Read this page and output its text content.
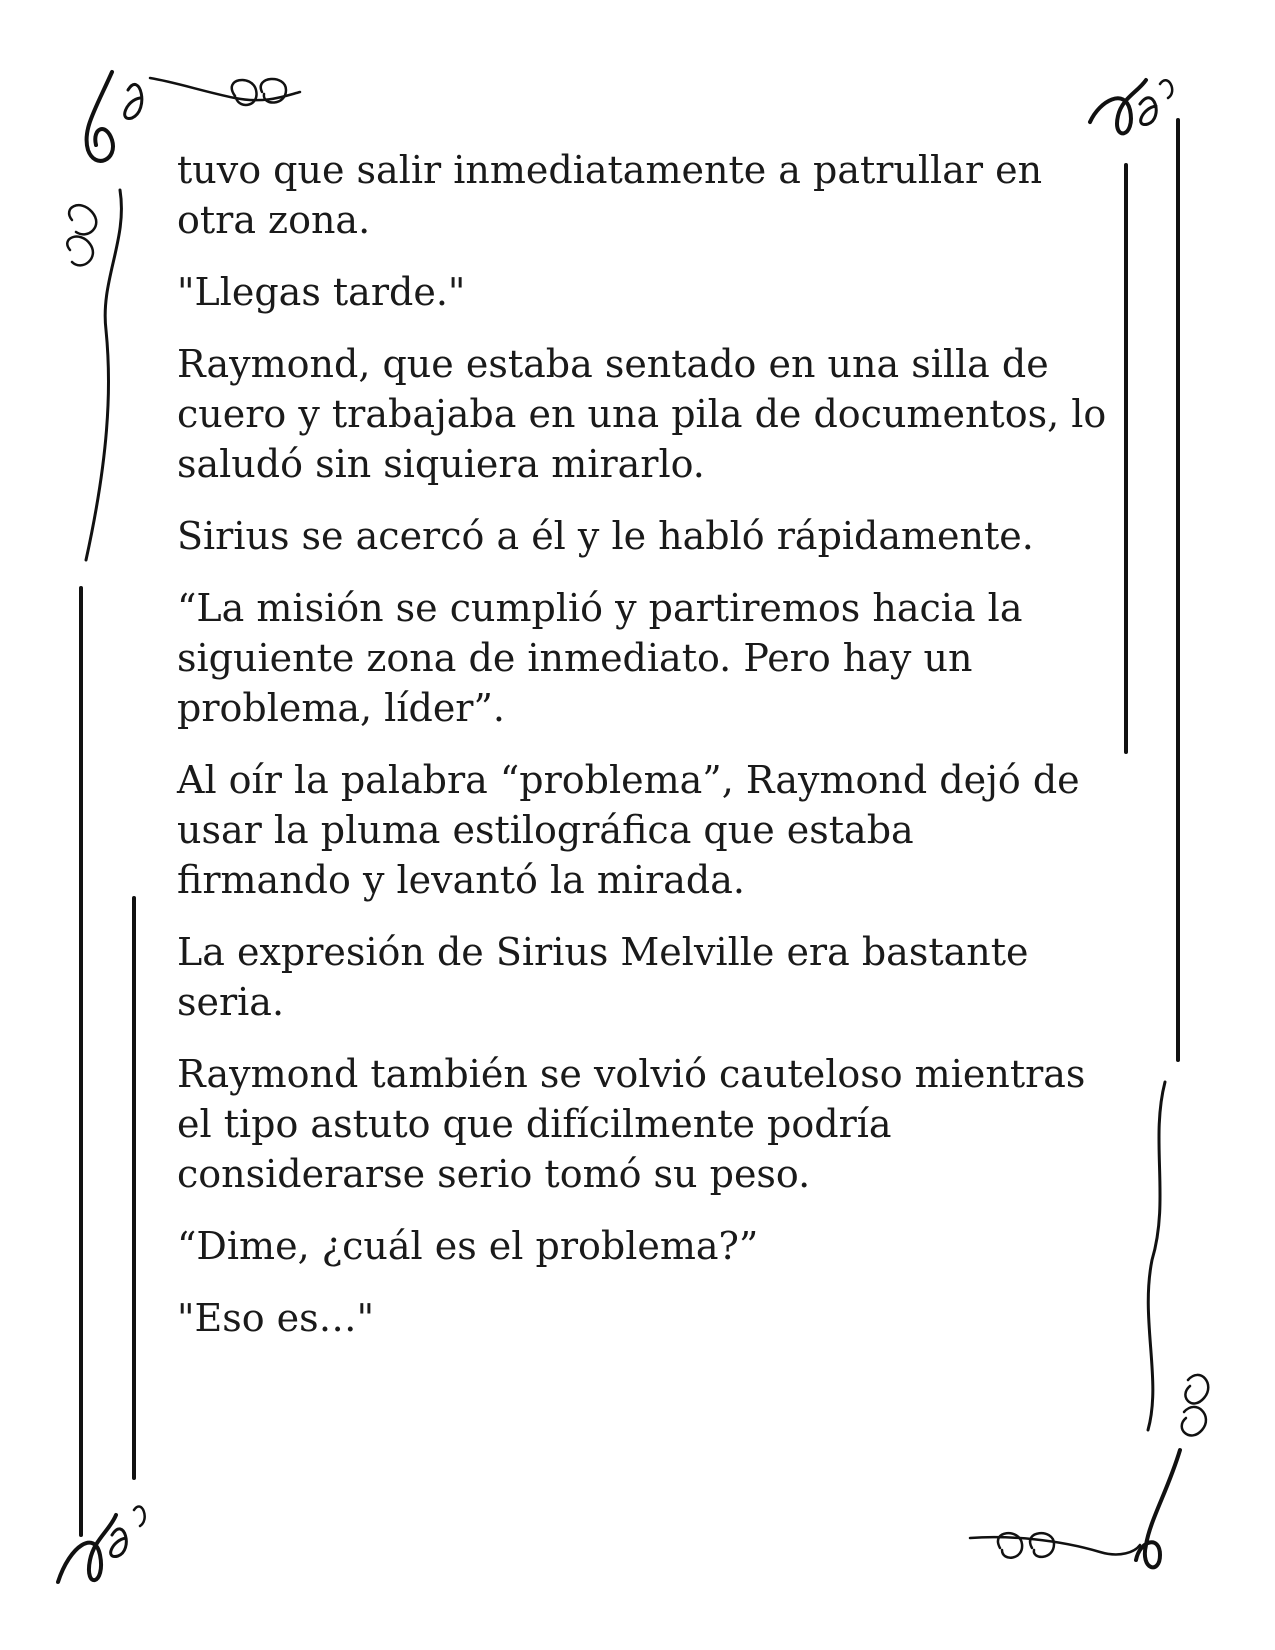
tuvo que salir inmediatamente a patrullar en
otra zona.

"Llegas tarde."

Raymond, que estaba sentado en una silla de
cuero y trabajaba en una pila de documentos, lo
saludó sin siquiera mirarlo.

Sirius se acercó a él y le habló rápidamente.

“La misión se cumplió y partiremos hacia la
siguiente zona de inmediato. Pero hay un
problema, líder”.

Al oír la palabra “problema”, Raymond dejó de
usar la pluma estilográfica que estaba
firmando y levantó la mirada.

La expresión de Sirius Melville era bastante
seria.

Raymond también se volvió cauteloso mientras
el tipo astuto que difícilmente podría
considerarse serio tomó su peso.

“Dime, ¿cuál es el problema?”

"Eso es…"
